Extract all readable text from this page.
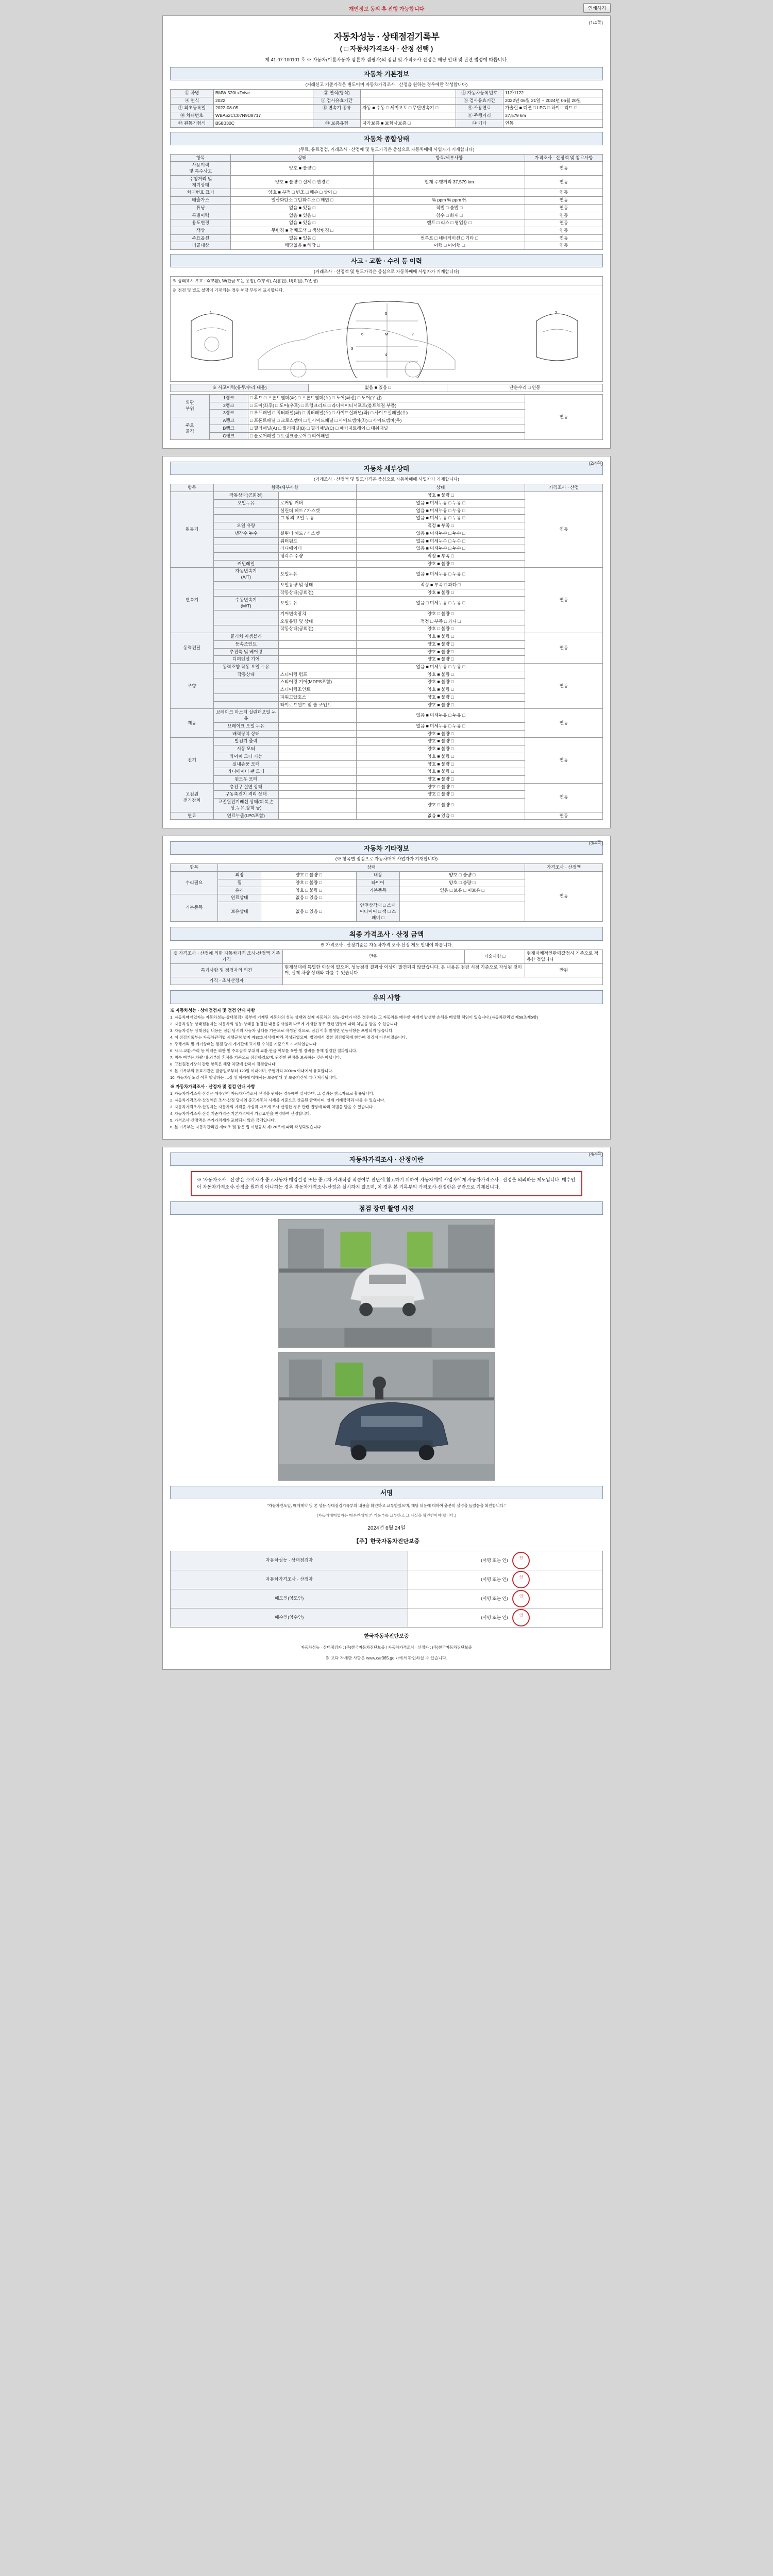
개인정보 동의 후 진행 가능합니다	인쇄하기
(1/4쪽)
자동차성능 · 상태점검기록부
( □ 자동차가격조사 · 산정 선택 )
제 41-07-100101 호 ※ 자동차(이륜자동차·삼륜차·캠핑카)의 점검 및 가격조사·산정은 해당 안내 및 관련 법령에 따릅니다.
자동차 기본정보
(거래신고 기준가격은 별도이며 자동차가격조사 · 산정을 원하는 경우에만 작성합니다)
① 차명	BMW 520i xDrive	② 연식(형식)		③ 자동차등록번호	11가1122
④ 연식	2022	⑤ 검사유효기간		⑥ 검사유효기간	2022년 06월 21일 ~ 2024년 06월 20일
⑦ 최초등록일	2022-08-05	⑧ 변속기 종류	자동 ■ 수동 □ 세미오토 □ 무단변속기 □	⑨ 사용연료	가솔린 ■ 디젤 □ LPG □ 하이브리드 □
⑩ 차대번호	WBA52CC07N9D8717			⑪ 주행거리	37,579 km
⑫ 원동기형식	B58B30C	⑬ 보증유형	자가보증 ■ 보험사보증 □	⑭ 기타	연동
자동차 종합상태
(무료, 유료점검, 거래조사 · 산정에 및 별도가격은 중심으로 자동차매매 사업자가 기재합니다)
항목	상태	항목/세부사항	가격조사 · 산정액 및 참고사항
사용이력
및 특수사고	양호 ■ 불량 □		연동
주행거리 및
계기상태	양호 ■ 불량 □ 실제 □ 변경 □	현재 주행거리 37,579 km	연동
차대번호 표기	양호 ■ 부적 □ 변조 □ 훼손 □ 상이 □		연동
배출가스	일산화탄소 □ 탄화수소 □ 매연 □	% ppm % ppm %	연동
튜닝	없음 ■ 있음 □	적법 □ 불법 □	연동
특별이력	없음 ■ 있음 □	침수 □ 화재 □	연동
용도변경	없음 ■ 있음 □	렌트 □ 리스 □ 영업용 □	연동
색상	무변경 ■ 전체도색 □ 색상변경 □		연동
주요옵션	없음 ■ 있음 □	썬루프 □ 네비게이션 □ 기타 □	연동
리콜대상	해당없음 ■ 해당 □	이행 □ 미이행 □	연동
사고 · 교환 · 수리 등 이력
(거래조사 · 산정액 및 별도가격은 중심으로 자동차매매 사업자가 기재합니다)
※ 상태표시 부호 : X(교환), W(판금 또는 용접), C(부식), A(흠집), U(요철), T(손상)
※ 점검 및 별도 설명이 기재되는 경우 해당 부위에 표시합니다.
1	5
M
4
6	7
2
3
※ 사고이력(유무/수리 내용)	없음 ■ 있음 □	단순수리 □ 연동
외판
부위	1랭크	□ 후드 □ 프론트휀더(좌) □ 프론트휀더(우) □ 도어(좌전) □ 도어(우전)	연동
	2랭크	□ 도어(좌후) □ 도어(우후) □ 트렁크리드 □ 라디에이터서포트(볼트체결 부품)	
	3랭크	□ 루프패널 □ 쿼터패널(좌) □ 쿼터패널(우) □ 사이드실패널(좌) □ 사이드실패널(우)	
주요
골격	A랭크	□ 프론트패널 □ 크로스멤버 □ 인사이드패널 □ 사이드멤버(좌) □ 사이드멤버(우)	
	B랭크	□ 필러패널(A) □ 필러패널(B) □ 필러패널(C) □ 패키지트레이 □ 대쉬패널	
	C랭크	□ 플로어패널 □ 트렁크플로어 □ 리어패널	
(2/4쪽)
자동차 세부상태
(거래조사 · 산정액 및 별도가격은 중심으로 자동차매매 사업자가 기재합니다)
항목	항목/세부사항		상태	가격조사 · 산정
원동기	작동상태(공회전)		양호 ■ 불량 □	연동
	오일누유	로커암 커버	없음 ■ 미세누유 □ 누유 □	
		실린더 헤드 / 가스켓	없음 ■ 미세누유 □ 누유 □	
		그 밖의 오일 누유	없음 ■ 미세누유 □ 누유 □	
	오일 유량		적정 ■ 부족 □	
	냉각수 누수	실린더 헤드 / 가스켓	없음 ■ 미세누수 □ 누수 □	
		워터펌프	없음 ■ 미세누수 □ 누수 □	
		라디에이터	없음 ■ 미세누수 □ 누수 □	
		냉각수 수량	적정 ■ 부족 □	
	커먼레일		양호 ■ 불량 □	
변속기	자동변속기
(A/T)	오일누유	없음 ■ 미세누유 □ 누유 □	연동
		오일유량 및 상태	적정 ■ 부족 □ 과다 □	
		작동상태(공회전)	양호 ■ 불량 □	
	수동변속기
(M/T)	오일누유	없음 □ 미세누유 □ 누유 □	
		기어변속장치	양호 □ 불량 □	
		오일유량 및 상태	적정 □ 부족 □ 과다 □	
		작동상태(공회전)	양호 □ 불량 □	
동력전달	클러치 어셈블리		양호 ■ 불량 □	연동
	등속조인트		양호 ■ 불량 □	
	추진축 및 베어링		양호 ■ 불량 □	
	디퍼렌셜 기어		양호 ■ 불량 □	
조향	동력조향 작동 오일 누유		없음 ■ 미세누유 □ 누유 □	연동
	작동상태	스티어링 펌프	양호 ■ 불량 □	
		스티어링 기어(MDPS포함)	양호 ■ 불량 □	
		스티어링조인트	양호 ■ 불량 □	
		파워고압호스	양호 ■ 불량 □	
		타이로드엔드 및 볼 조인트	양호 ■ 불량 □	
제동	브레이크 마스터 실린더오일 누유		없음 ■ 미세누유 □ 누유 □	연동
	브레이크 오일 누유		없음 ■ 미세누유 □ 누유 □	
	배력장치 상태		양호 ■ 불량 □	
전기	발전기 출력		양호 ■ 불량 □	연동
	시동 모터		양호 ■ 불량 □	
	와이퍼 모터 기능		양호 ■ 불량 □	
	실내송풍 모터		양호 ■ 불량 □	
	라디에이터 팬 모터		양호 ■ 불량 □	
	윈도우 모터		양호 ■ 불량 □	
고전원
전기장치	충전구 절연 상태		양호 □ 불량 □	연동
	구동축전지 격리 상태		양호 □ 불량 □	
	고전원전기배선 상태(피복,손상,누유,장착 등)		양호 □ 불량 □	
연료	연료누출(LPG포함)		없음 ■ 있음 □	연동
(3/4쪽)
자동차 기타정보
(※ 항목별 점검으로 자동차매매 사업자가 기재합니다)
항목	상태				가격조사 · 산정액
수리필요	외장	양호 □ 불량 □	내장	양호 □ 불량 □	연동
	휠	양호 □ 불량 □	타이어	양호 □ 불량 □	
	유리	양호 □ 불량 □	기본품목	없음 □ 보유 □ 미보유 □	
기본품목	연료상태	없음 □ 있음 □			
	보유상태	없음 □ 있음 □	안전삼각대 □ 스페어타이어 □ 잭 □ 스패너 □		
최종 가격조사 · 산정 금액
※ 가격조사 · 산정기준은 자동차가격 조사·산정 제도 안내에 따릅니다.
※ 가격조사 · 산정에 의한 자동차가격 조사·산정액 기준가격	만원	기술사항 □	현재자체적인판매값정시 기준으로 적용한 것입니다
특기사항 및 점검자의 의견	현재상태에 특별한 이상이 없으며, 성능점검 결과상 이상이 발견되지 않았습니다. 본 내용은 점검 시점 기준으로 작성된 것이며, 실제 차량 상태와 다를 수 있습니다.		만원
가격 · 조사산정자			
유의 사항
※ 자동차성능 · 상태점검자 및 점검 안내 사항

1. 자동차매매업자는 자동차성능·상태점검기록부에 기재된 자동차의 성능·상태와 실제 자동차의 성능·상태가 다른 경우에는 그 자동차를 매수한 자에게 발생한 손해를 배상할 책임이 있습니다.(자동차관리법 제58조제5항)

2. 자동차성능·상태점검자는 자동차의 성능·상태를 점검한 내용을 사실과 다르게 기재한 경우 관련 법령에 따라 처벌을 받을 수 있습니다.

3. 자동차성능·상태점검 내용은 점검 당시의 자동차 상태를 기준으로 작성된 것으로, 점검 이후 발생한 변동사항은 포함되지 않습니다.

4. 이 점검기록부는 자동차관리법 시행규칙 별지 제82호서식에 따라 작성되었으며, 법령에서 정한 점검항목에 한하여 점검이 이루어졌습니다.

5. 주행거리 및 계기상태는 점검 당시 계기판에 표시된 수치를 기준으로 기재하였습니다.

6. 사고·교환·수리 등 이력은 외판 및 주요골격 부위의 교환·판금 여부를 육안 및 장비를 통해 점검한 결과입니다.

7. 침수 여부는 차량 내·외부의 흔적을 기준으로 점검하였으며, 완전한 판정을 보증하는 것은 아닙니다.

8. 고전원전기장치 관련 항목은 해당 차량에 한하여 점검합니다.

9. 본 기록부의 유효기간은 발급일로부터 120일 이내이며, 주행거리 200km 이내에서 유효합니다.

10. 자동차인도일 이후 발생하는 고장 및 하자에 대해서는 보증범위 및 보증기간에 따라 처리됩니다.

※ 자동차가격조사 · 산정자 및 점검 안내 사항

1. 자동차가격조사·산정은 매수인이 자동차가격조사·산정을 원하는 경우에만 실시하며, 그 결과는 참고자료로 활용됩니다.

2. 자동차가격조사·산정액은 조사·산정 당시의 중고자동차 시세를 기준으로 산출된 금액이며, 실제 거래금액과 다를 수 있습니다.

3. 자동차가격조사·산정자는 자동차의 가격을 사실과 다르게 조사·산정한 경우 관련 법령에 따라 처벌을 받을 수 있습니다.

4. 자동차가격조사·산정 기준가격은 기본가격에서 가감요인을 반영하여 산정합니다.

5. 가격조사·산정액은 부가가치세가 포함되지 않은 금액입니다.

6. 본 기록부는 자동차관리법 제58조 및 같은 법 시행규칙 제120조에 따라 작성되었습니다.

(4/4쪽)
자동차가격조사 · 산정이란
※ '자동차조사 · 산정'은 소비자가 중고자동차 매입결정 또는 중고차 거래적정 적정여부 판단에 참고하기 위하여 자동차매매 사업자에게 자동차가격조사 · 산정을 의뢰하는 제도입니다. 매수인이 자동차가격조사·산정을 원하지 아니하는 경우 자동차가격조사·산정은 실시하지 않으며, 이 경우 본 기록부의 가격조사·산정란은 공란으로 기재됩니다.
점검 장면 촬영 사진
서명

"자동차인도일, 매매계약 및 본 성능·상태점검기록부의 내용을 확인하고 교부받았으며, 해당 내용에 대하여 충분히 설명을 들었음을 확인합니다."

(자동차매매업자는 매수인에게 본 기록부를 교부하고 그 사실을 확인받아야 합니다.)

2024년 6월 24일

【주】한국자동차진단보증

자동차성능 · 상태점검자	(서명 또는 인) 인
자동차가격조사 · 산정자	(서명 또는 인) 인
매도인(양도인)	(서명 또는 인) 인
매수인(양수인)	(서명 또는 인) 인

한국자동차진단보증

자동차성능 · 상태점검자 : (주)한국자동차진단보증 / 자동차가격조사 · 산정자 : (주)한국자동차진단보증

※ 보다 자세한 사항은 www.car365.go.kr에서 확인하실 수 있습니다.
